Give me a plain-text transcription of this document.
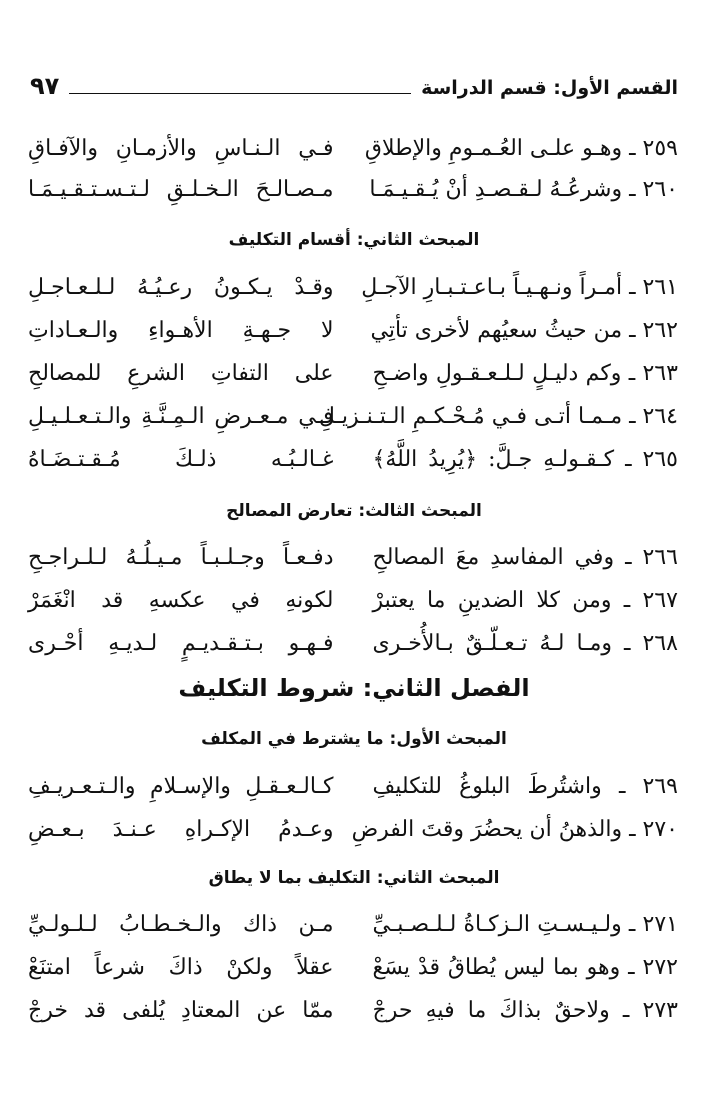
القسم الأول: قسم الدراسة
٩٧
٢٥٩ ـ وهـو علـى العُـمـومِ والإطلاقِ
فـي الـنـاسِ والأزمـانِ والآفـاقِ
٢٦٠ ـ وشرعُـهُ لـقـصـدِ أنْ يُـقـيـمَـا
مـصـالـحَ الـخـلـقِ لـتـسـتـقـيـمَـا
المبحث الثاني: أقسام التكليف
٢٦١ ـ أمـراً ونـهـيـاً بـاعـتـبـارِ الآجـلِ
وقـدْ يـكـونُ رعـيُـهُ لـلـعـاجـلِ
٢٦٢ ـ من حيثُ سعيُهم لأخرى تأتِي
لا جـهـةِ الأهـواءِ والـعـاداتِ
٢٦٣ ـ وكم دليـلٍ لـلـعـقـولِ واضـحِ
على التفاتِ الشرعِ للمصالحِ
٢٦٤ ـ مـمـا أتـى فـي مُـحْـكـمِ الـتـنـزيـلِ
فـي مـعـرضِ الـمِـنَّـةِ والـتـعـلـيـلِ
٢٦٥ ـ كـقـولـهِ جـلَّ: ﴿يُرِيدُ اللَّهُ﴾
غـالـبُـه ذلـكَ مُـقـتـضَـاهُ
المبحث الثالث: تعارض المصالح
٢٦٦ ـ وفي المفاسدِ معَ المصالحِ
دفـعـاً وجـلـبـاً مـيـلُـهُ لـلـراجـحِ
٢٦٧ ـ ومن كلا الضدينِ ما يعتبرْ
لكونهِ في عكسهِ قد انْغَمَرْ
٢٦٨ ـ ومـا لـهُ تـعـلّـقٌ بـالأُخـرى
فـهـو بـتـقـديـمٍ لـديـهِ أحْـرى
الفصل الثاني: شروط التكليف
المبحث الأول: ما يشترط في المكلف
٢٦٩ ـ واشتُرطَ البلوغُ للتكليفِ
كـالـعـقـلِ والإسـلامِ والـتـعـريـفِ
٢٧٠ ـ والذهنُ أن يحضُرَ وقتَ الفرضِ
وعـدمُ الإكـراهِ عـنـدَ بـعـضِ
المبحث الثاني: التكليف بما لا يطاق
٢٧١ ـ ولـيـسـتِ الـزكـاةُ لـلـصـبـيِّ
مـن ذاك والـخـطـابُ لـلـولـيِّ
٢٧٢ ـ وهو بما ليس يُطاقُ قدْ يسَعْ
عقلاً ولكنْ ذاكَ شرعاً امتنَعْ
٢٧٣ ـ ولاحقٌ بذاكَ ما فيهِ حرجْ
ممّا عن المعتادِ يُلفى قد خرجْ
